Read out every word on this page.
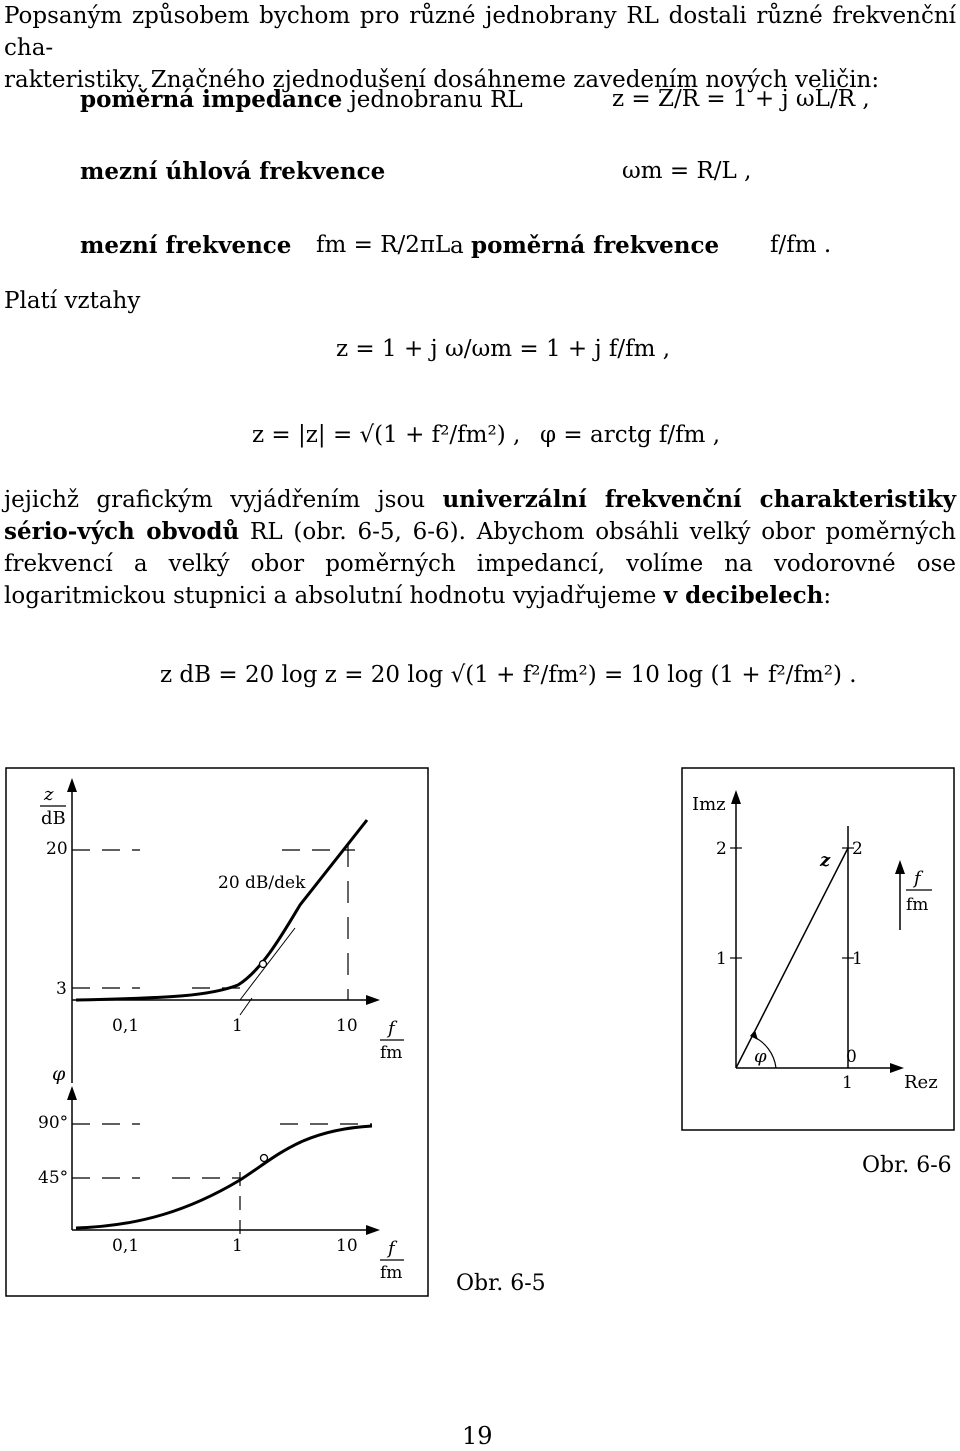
Popsaným způsobem bychom pro různé jednobrany RL dostali různé frekvenční cha-
rakteristiky. Značného zjednodušení dosáhneme zavedením nových veličin:
poměrná impedance jednobranu RL	z = Z/R = 1 + j ωL/R ,
mezní úhlová frekvence	ωm = R/L ,
mezní frekvence fm = R/2πL a poměrná frekvence f/fm .
Platí vztahy
z = 1 + j ω/ωm = 1 + j f/fm ,
z = |z| = √(1 + f²/fm²) , φ = arctg f/fm ,
jejichž grafickým vyjádřením jsou univerzální frekvenční charakteristiky sério-vých obvodů RL (obr. 6-5, 6-6). Abychom obsáhli velký obor poměrných frekvencí a velký obor poměrných impedancí, volíme na vodorovné ose logaritmickou stupnici a absolutní hodnotu vyjadřujeme v decibelech:
z dB = 20 log z = 20 log √(1 + f²/fm²) = 10 log (1 + f²/fm²) .
z
dB
20
3
20 dB/dek
0,1	1	10 f
fm
φ
90°
45°
0,1	1	10 f
fm Obr. 6-5
Imz
2
1
2
1
z
φ	0
1	Rez
f
fm
Obr. 6-6
19
